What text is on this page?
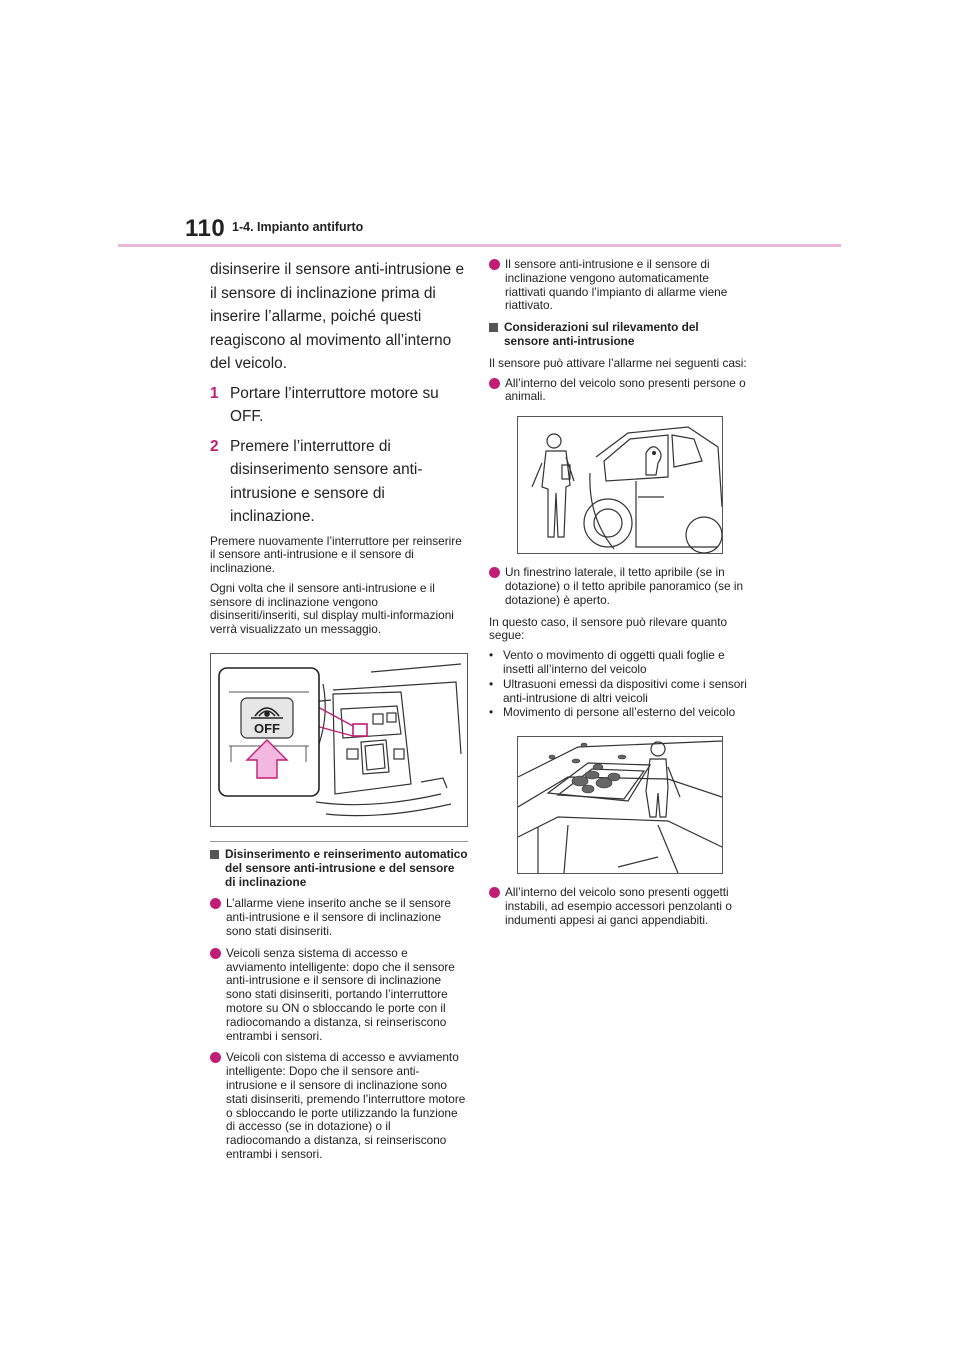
110 1-4. Impianto antifurto

disinserire il sensore anti-intrusione e il sensore di inclinazione prima di inserire l’allarme, poiché questi reagiscono al movimento all’interno del veicolo.

1 Portare l’interruttore motore su OFF.
2 Premere l’interruttore di disinserimento sensore anti-intrusione e sensore di inclinazione.

Premere nuovamente l’interruttore per reinserire il sensore anti-intrusione e il sensore di inclinazione.

Ogni volta che il sensore anti-intrusione e il sensore di inclinazione vengono disinseriti/inseriti, sul display multi-informazioni verrà visualizzato un messaggio.

OFF
Disinserimento e reinserimento automatico del sensore anti-intrusione e del sensore di inclinazione
L’allarme viene inserito anche se il sensore anti-intrusione e il sensore di inclinazione sono stati disinseriti.
Veicoli senza sistema di accesso e avviamento intelligente: dopo che il sensore anti-intrusione e il sensore di inclinazione sono stati disinseriti, portando l’interruttore motore su ON o sbloccando le porte con il radiocomando a distanza, si reinseriscono entrambi i sensori.
Veicoli con sistema di accesso e avviamento intelligente: Dopo che il sensore anti-intrusione e il sensore di inclinazione sono stati disinseriti, premendo l’interruttore motore o sbloccando le porte utilizzando la funzione di accesso (se in dotazione) o il radiocomando a distanza, si reinseriscono entrambi i sensori.
Il sensore anti-intrusione e il sensore di inclinazione vengono automaticamente riattivati quando l’impianto di allarme viene riattivato.
Considerazioni sul rilevamento del sensore anti-intrusione

Il sensore può attivare l’allarme nei seguenti casi:

All’interno del veicolo sono presenti persone o animali.
Un finestrino laterale, il tetto apribile (se in dotazione) o il tetto apribile panoramico (se in dotazione) è aperto.

In questo caso, il sensore può rilevare quanto segue:

• Vento o movimento di oggetti quali foglie e insetti all’interno del veicolo
• Ultrasuoni emessi da dispositivi come i sensori anti-intrusione di altri veicoli
• Movimento di persone all’esterno del veicolo
All’interno del veicolo sono presenti oggetti instabili, ad esempio accessori penzolanti o indumenti appesi ai ganci appendiabiti.
